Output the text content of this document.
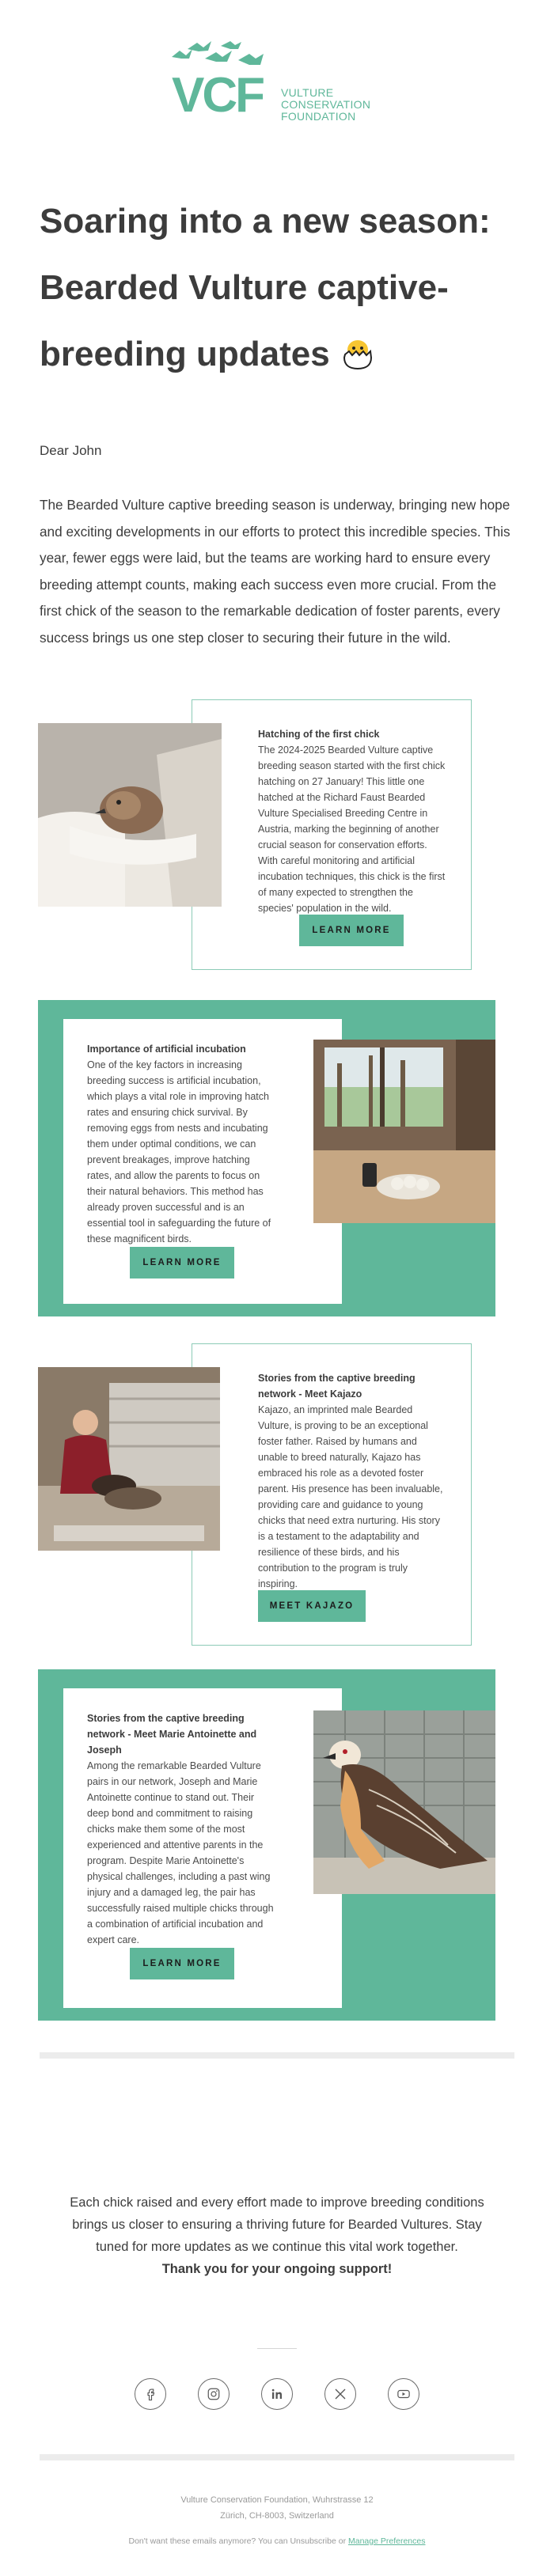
VCF VULTURE
CONSERVATION
FOUNDATION
Soaring into a new season: Bearded Vulture captive-breeding updates
Dear John

The Bearded Vulture captive breeding season is underway, bringing new hope and exciting developments in our efforts to protect this incredible species. This year, fewer eggs were laid, but the teams are working hard to ensure every breeding attempt counts, making each success even more crucial. From the first chick of the season to the remarkable dedication of foster parents, every success brings us one step closer to securing their future in the wild.

Hatching of the first chick
The 2024-2025 Bearded Vulture captive breeding season started with the first chick hatching on 27 January! This little one hatched at the Richard Faust Bearded Vulture Specialised Breeding Centre in Austria, marking the beginning of another crucial season for conservation efforts. With careful monitoring and artificial incubation techniques, this chick is the first of many expected to strengthen the species' population in the wild.
LEARN MORE
Importance of artificial incubation
One of the key factors in increasing breeding success is artificial incubation, which plays a vital role in improving hatch rates and ensuring chick survival. By removing eggs from nests and incubating them under optimal conditions, we can prevent breakages, improve hatching rates, and allow the parents to focus on their natural behaviors. This method has already proven successful and is an essential tool in safeguarding the future of these magnificent birds.
LEARN MORE
Stories from the captive breeding network - Meet Kajazo
Kajazo, an imprinted male Bearded Vulture, is proving to be an exceptional foster father. Raised by humans and unable to breed naturally, Kajazo has embraced his role as a devoted foster parent. His presence has been invaluable, providing care and guidance to young chicks that need extra nurturing. His story is a testament to the adaptability and resilience of these birds, and his contribution to the program is truly inspiring.
MEET KAJAZO
Stories from the captive breeding network - Meet Marie Antoinette and Joseph
Among the remarkable Bearded Vulture pairs in our network, Joseph and Marie Antoinette continue to stand out. Their deep bond and commitment to raising chicks make them some of the most experienced and attentive parents in the program. Despite Marie Antoinette's physical challenges, including a past wing injury and a damaged leg, the pair has successfully raised multiple chicks through a combination of artificial incubation and expert care.
LEARN MORE

Each chick raised and every effort made to improve breeding conditions brings us closer to ensuring a thriving future for Bearded Vultures. Stay tuned for more updates as we continue this vital work together.

Thank you for your ongoing support!

Vulture Conservation Foundation, Wuhrstrasse 12
Zürich, CH-8003, Switzerland
Don't want these emails anymore? You can Unsubscribe or Manage Preferences
